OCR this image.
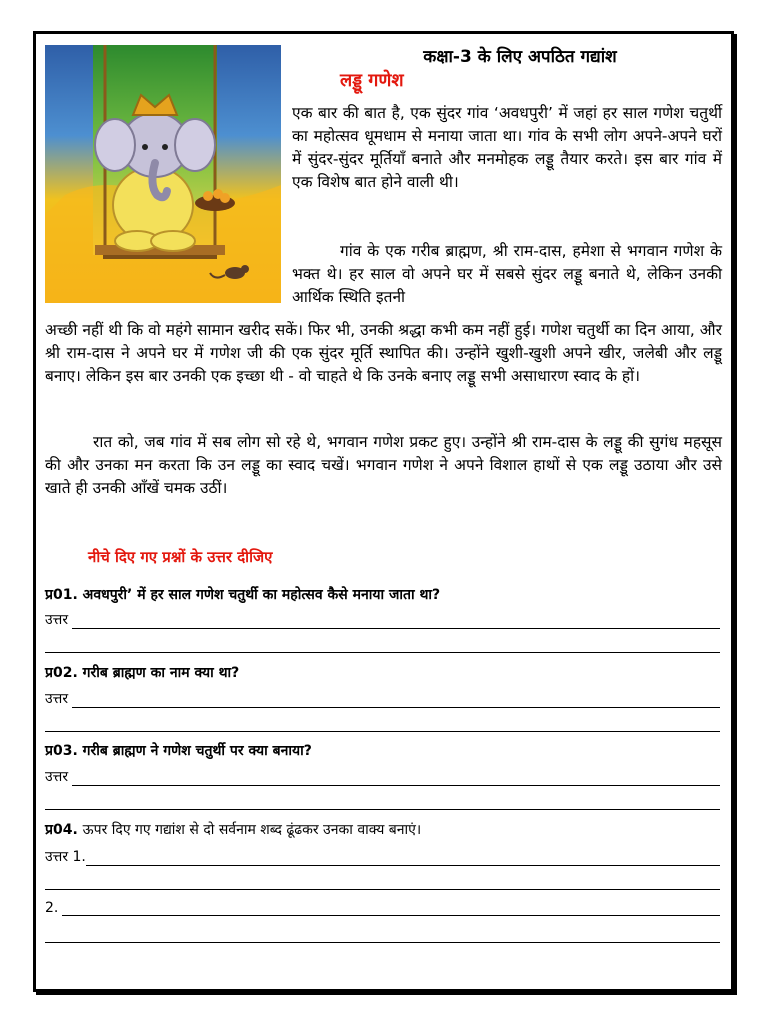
कक्षा-3 के लिए अपठित गद्यांश
लड्डू गणेश

एक बार की बात है, एक सुंदर गांव ‘अवधपुरी’ में जहां हर साल गणेश चतुर्थी का महोत्सव धूमधाम से मनाया जाता था। गांव के सभी लोग अपने-अपने घरों में सुंदर-सुंदर मूर्तियाँ बनाते और मनमोहक लड्डू तैयार करते। इस बार गांव में एक विशेष बात होने वाली थी।

गांव के एक गरीब ब्राह्मण, श्री राम-दास, हमेशा से भगवान गणेश के भक्त थे। हर साल वो अपने घर में सबसे सुंदर लड्डू बनाते थे, लेकिन उनकी आर्थिक स्थिति इतनी

अच्छी नहीं थी कि वो महंगे सामान खरीद सकें। फिर भी, उनकी श्रद्धा कभी कम नहीं हुई। गणेश चतुर्थी का दिन आया, और श्री राम-दास ने अपने घर में गणेश जी की एक सुंदर मूर्ति स्थापित की। उन्होंने खुशी-खुशी अपने खीर, जलेबी और लड्डू बनाए। लेकिन इस बार उनकी एक इच्छा थी - वो चाहते थे कि उनके बनाए लड्डू सभी असाधारण स्वाद के हों।

रात को, जब गांव में सब लोग सो रहे थे, भगवान गणेश प्रकट हुए। उन्होंने श्री राम-दास के लड्डू की सुगंध महसूस की और उनका मन करता कि उन लड्डू का स्वाद चखें। भगवान गणेश ने अपने विशाल हाथों से एक लड्डू उठाया और उसे खाते ही उनकी आँखें चमक उठीं।

नीचे दिए गए प्रश्नों के उत्तर दीजिए
प्र01. अवधपुरी’ में हर साल गणेश चतुर्थी का महोत्सव कैसे मनाया जाता था?
उत्तर
प्र02. गरीब ब्राह्मण का नाम क्या था?
उत्तर
प्र03. गरीब ब्राह्मण ने गणेश चतुर्थी पर क्या बनाया?
उत्तर
प्र04. ऊपर दिए गए गद्यांश से दो सर्वनाम शब्द ढूंढकर उनका वाक्य बनाएं।
उत्तर 1.
2.
